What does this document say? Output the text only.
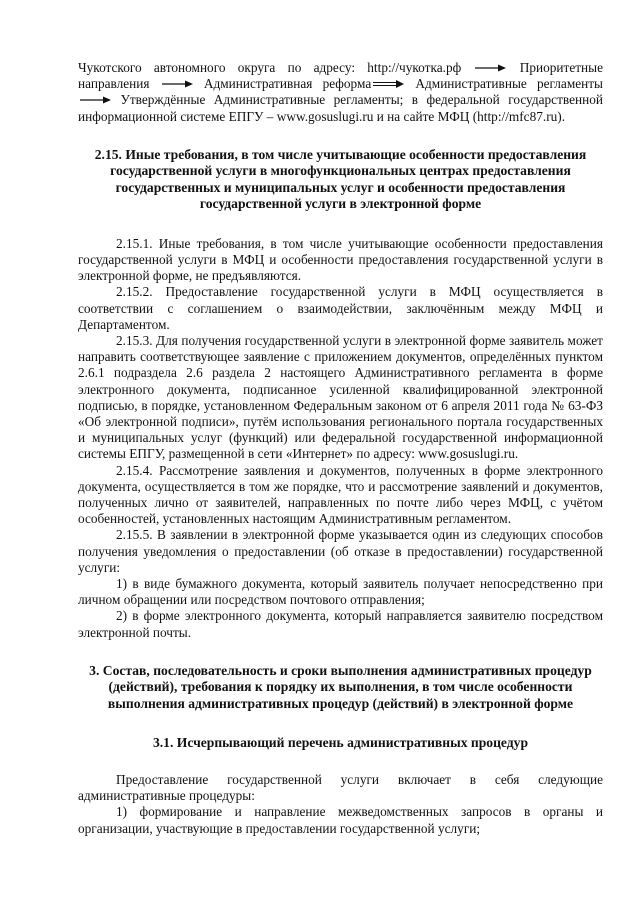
Чукотского автономного округа по адресу: http://чукотка.рф	Приоритетные направления	Административная реформа	Административные регламенты
Утверждённые Административные регламенты; в федеральной государственной информационной системе ЕПГУ – www.gosuslugi.ru и на сайте МФЦ (http://mfc87.ru).

2.15. Иные требования, в том числе учитывающие особенности предоставления государственной услуги в многофункциональных центрах предоставления государственных и муниципальных услуг и особенности предоставления государственной услуги в электронной форме

2.15.1. Иные требования, в том числе учитывающие особенности предоставления государственной услуги в МФЦ и особенности предоставления государственной услуги в электронной форме, не предъявляются.

2.15.2. Предоставление государственной услуги в МФЦ осуществляется в соответствии с соглашением о взаимодействии, заключённым между МФЦ и Департаментом.

2.15.3. Для получения государственной услуги в электронной форме заявитель может направить соответствующее заявление с приложением документов, определённых пунктом 2.6.1 подраздела 2.6 раздела 2 настоящего Административного регламента в форме электронного документа, подписанное усиленной квалифицированной электронной подписью, в порядке, установленном Федеральным законом от 6 апреля 2011 года № 63-ФЗ «Об электронной подписи», путём использования регионального портала государственных и муниципальных услуг (функций) или федеральной государственной информационной системы ЕПГУ, размещенной в сети «Интернет» по адресу: www.gosuslugi.ru.

2.15.4. Рассмотрение заявления и документов, полученных в форме электронного документа, осуществляется в том же порядке, что и рассмотрение заявлений и документов, полученных лично от заявителей, направленных по почте либо через МФЦ, с учётом особенностей, установленных настоящим Административным регламентом.

2.15.5. В заявлении в электронной форме указывается один из следующих способов получения уведомления о предоставлении (об отказе в предоставлении) государственной услуги:

1) в виде бумажного документа, который заявитель получает непосредственно при личном обращении или посредством почтового отправления;

2) в форме электронного документа, который направляется заявителю посредством электронной почты.

3. Состав, последовательность и сроки выполнения административных процедур (действий), требования к порядку их выполнения, в том числе особенности выполнения административных процедур (действий) в электронной форме
3.1. Исчерпывающий перечень административных процедур

Предоставление государственной услуги включает в себя следующие административные процедуры:

1) формирование и направление межведомственных запросов в органы и организации, участвующие в предоставлении государственной услуги;
